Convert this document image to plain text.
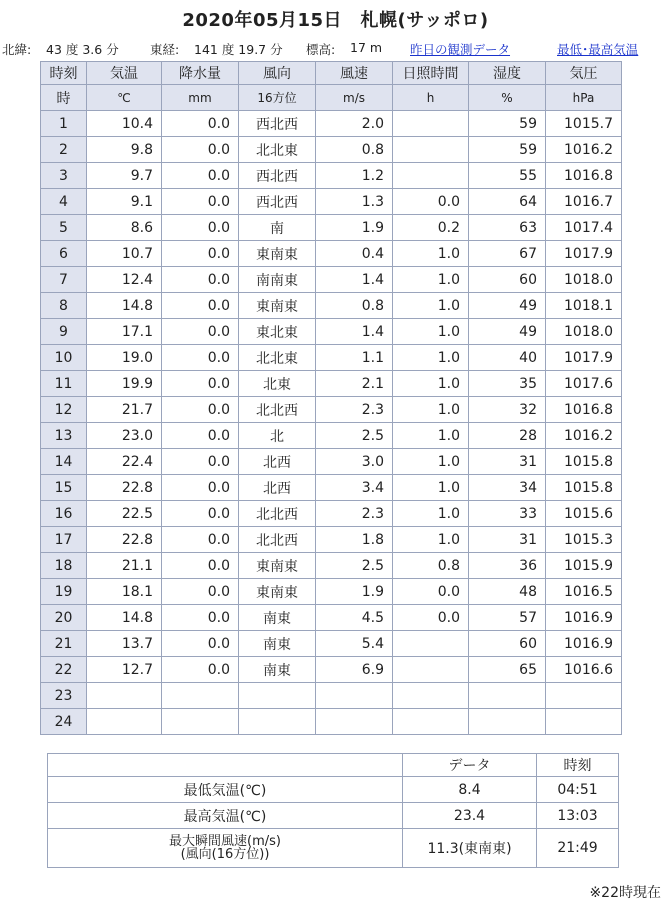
2020年05月15日　札幌(サッポロ)
北緯: 43 度 3.6 分	東経: 141 度 19.7 分 標高: 17 m 昨日の観測データ	最低･最高気温
時刻	気温	降水量	風向	風速	日照時間	湿度	気圧
時	℃	mm	16方位	m/s	h	%	hPa
1	10.4	0.0	西北西	2.0		59	1015.7
2	9.8	0.0	北北東	0.8		59	1016.2
3	9.7	0.0	西北西	1.2		55	1016.8
4	9.1	0.0	西北西	1.3	0.0	64	1016.7
5	8.6	0.0	南	1.9	0.2	63	1017.4
6	10.7	0.0	東南東	0.4	1.0	67	1017.9
7	12.4	0.0	南南東	1.4	1.0	60	1018.0
8	14.8	0.0	東南東	0.8	1.0	49	1018.1
9	17.1	0.0	東北東	1.4	1.0	49	1018.0
10	19.0	0.0	北北東	1.1	1.0	40	1017.9
11	19.9	0.0	北東	2.1	1.0	35	1017.6
12	21.7	0.0	北北西	2.3	1.0	32	1016.8
13	23.0	0.0	北	2.5	1.0	28	1016.2
14	22.4	0.0	北西	3.0	1.0	31	1015.8
15	22.8	0.0	北西	3.4	1.0	34	1015.8
16	22.5	0.0	北北西	2.3	1.0	33	1015.6
17	22.8	0.0	北北西	1.8	1.0	31	1015.3
18	21.1	0.0	東南東	2.5	0.8	36	1015.9
19	18.1	0.0	東南東	1.9	0.0	48	1016.5
20	14.8	0.0	南東	4.5	0.0	57	1016.9
21	13.7	0.0	南東	5.4		60	1016.9
22	12.7	0.0	南東	6.9		65	1016.6
23							
24							
	データ	時刻
最低気温(℃)	8.4	04:51
最高気温(℃)	23.4	13:03

最大瞬間風速(m/s)
(風向(16方位))	11.3(東南東)	21:49
※22時現在
